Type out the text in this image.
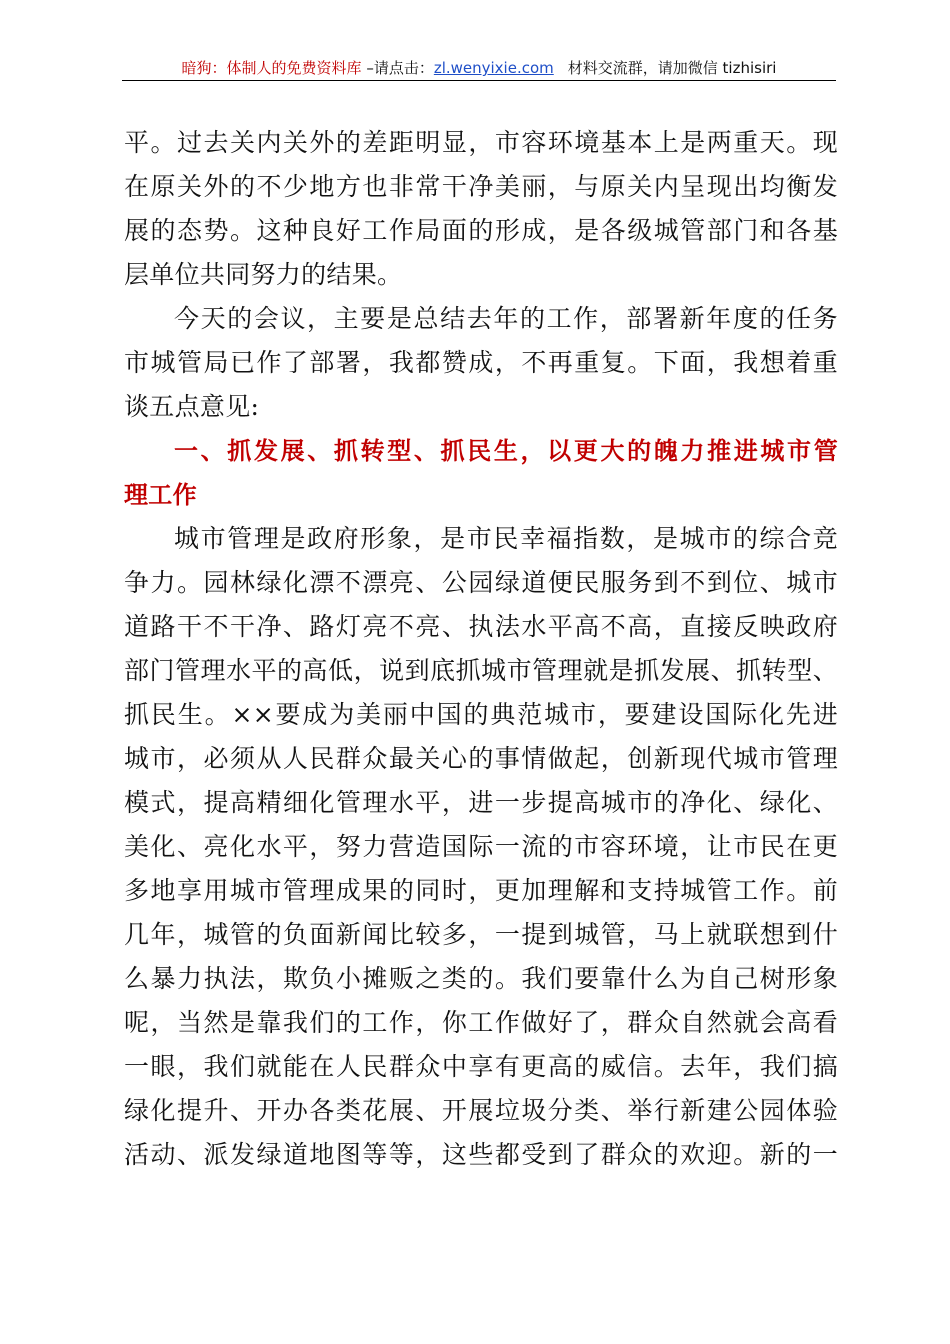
暗狗：体制人的免费资料库 –请点击：zl.wenyixie.com 材料交流群，请加微信 tizhisiri
平。过去关内关外的差距明显，市容环境基本上是两重天。现
在原关外的不少地方也非常干净美丽，与原关内呈现出均衡发
展的态势。这种良好工作局面的形成，是各级城管部门和各基
层单位共同努力的结果。
今天的会议，主要是总结去年的工作，部署新年度的任务
市城管局已作了部署，我都赞成，不再重复。下面，我想着重
谈五点意见:
一、抓发展、抓转型、抓民生，以更大的魄力推进城市管
理工作
城市管理是政府形象，是市民幸福指数，是城市的综合竞
争力。园林绿化漂不漂亮、公园绿道便民服务到不到位、城市
道路干不干净、路灯亮不亮、执法水平高不高，直接反映政府
部门管理水平的高低，说到底抓城市管理就是抓发展、抓转型、
抓民生。××要成为美丽中国的典范城市，要建设国际化先进
城市，必须从人民群众最关心的事情做起，创新现代城市管理
模式，提高精细化管理水平，进一步提高城市的净化、绿化、
美化、亮化水平，努力营造国际一流的市容环境，让市民在更
多地享用城市管理成果的同时，更加理解和支持城管工作。前
几年，城管的负面新闻比较多，一提到城管，马上就联想到什
么暴力执法，欺负小摊贩之类的。我们要靠什么为自己树形象
呢，当然是靠我们的工作，你工作做好了，群众自然就会高看
一眼，我们就能在人民群众中享有更高的威信。去年，我们搞
绿化提升、开办各类花展、开展垃圾分类、举行新建公园体验
活动、派发绿道地图等等，这些都受到了群众的欢迎。新的一
